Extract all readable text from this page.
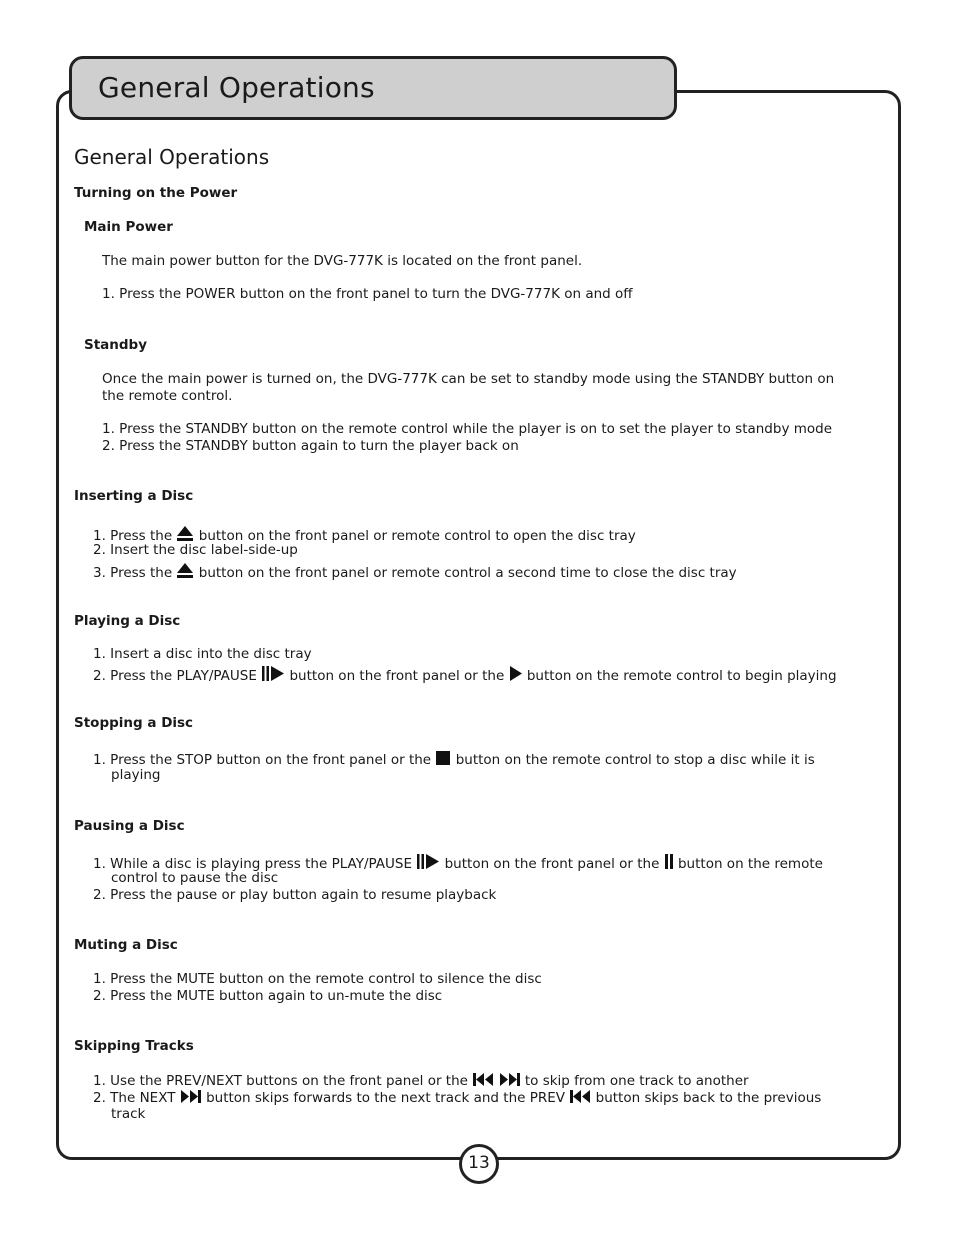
General Operations
General Operations
Turning on the Power
Main Power
The main power button for the DVG-777K is located on the front panel.
1. Press the POWER button on the front panel to turn the DVG-777K on and off
Standby
Once the main power is turned on, the DVG-777K can be set to standby mode using the STANDBY button on the remote control.
1. Press the STANDBY button on the remote control while the player is on to set the player to standby mode
2. Press the STANDBY button again to turn the player back on
Inserting a Disc
1. Press the button on the front panel or remote control to open the disc tray
2. Insert the disc label-side-up
3. Press the button on the front panel or remote control a second time to close the disc tray
Playing a Disc
1. Insert a disc into the disc tray
2. Press the PLAY/PAUSE button on the front panel or the button on the remote control to begin playing
Stopping a Disc
1. Press the STOP button on the front panel or the button on the remote control to stop a disc while it is
playing
Pausing a Disc
1. While a disc is playing press the PLAY/PAUSE button on the front panel or the button on the remote
control to pause the disc
2. Press the pause or play button again to resume playback
Muting a Disc
1. Press the MUTE button on the remote control to silence the disc
2. Press the MUTE button again to un-mute the disc
Skipping Tracks
1. Use the PREV/NEXT buttons on the front panel or the	to skip from one track to another
2. The NEXT button skips forwards to the next track and the PREV button skips back to the previous
track
13
